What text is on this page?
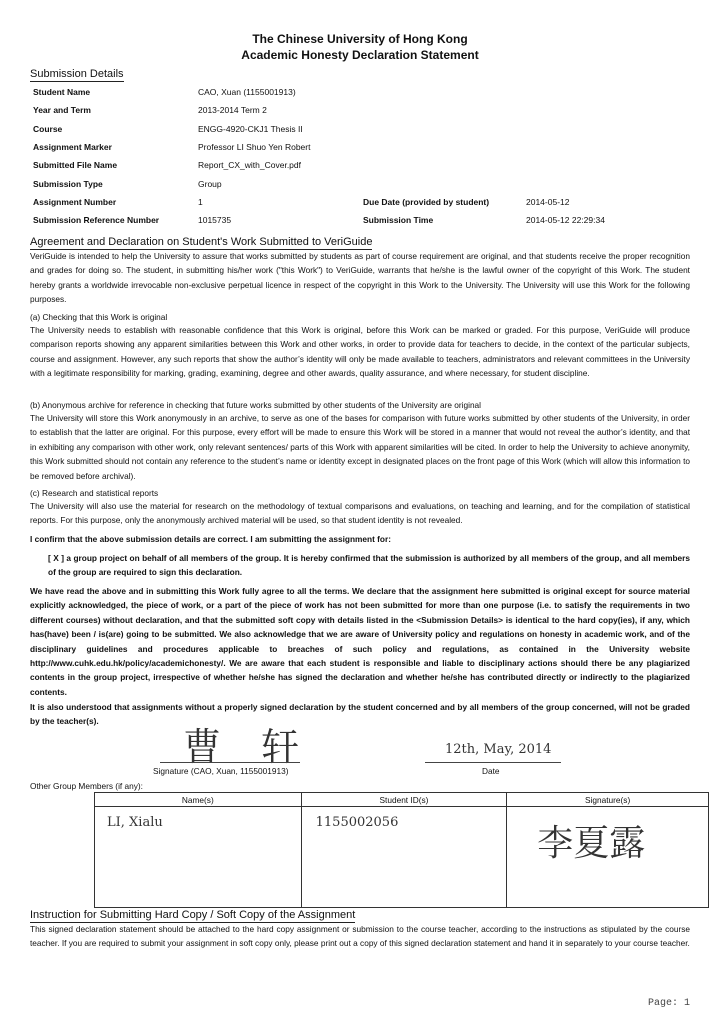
The Chinese University of Hong Kong
Academic Honesty Declaration Statement
Submission Details
Student Name	CAO, Xuan (1155001913)
Year and Term	2013-2014 Term 2
Course	ENGG-4920-CKJ1 Thesis II
Assignment Marker	Professor LI Shuo Yen Robert
Submitted File Name	Report_CX_with_Cover.pdf
Submission Type	Group
Assignment Number	1	Due Date (provided by student)	2014-05-12
Submission Reference Number	1015735	Submission Time	2014-05-12 22:29:34
Agreement and Declaration on Student's Work Submitted to VeriGuide

VeriGuide is intended to help the University to assure that works submitted by students as part of course requirement are original, and that students receive the proper recognition and grades for doing so. The student, in submitting his/her work ("this Work") to VeriGuide, warrants that he/she is the lawful owner of the copyright of this Work. The student hereby grants a worldwide irrevocable non-exclusive perpetual licence in respect of the copyright in this Work to the University. The University will use this Work for the following purposes.

(a) Checking that this Work is original

The University needs to establish with reasonable confidence that this Work is original, before this Work can be marked or graded. For this purpose, VeriGuide will produce comparison reports showing any apparent similarities between this Work and other works, in order to provide data for teachers to decide, in the context of the particular subjects, course and assignment. However, any such reports that show the author’s identity will only be made available to teachers, administrators and relevant committees in the University with a legitimate responsibility for marking, grading, examining, degree and other awards, quality assurance, and where necessary, for student discipline.

(b) Anonymous archive for reference in checking that future works submitted by other students of the University are original

The University will store this Work anonymously in an archive, to serve as one of the bases for comparison with future works submitted by other students of the University, in order to establish that the latter are original. For this purpose, every effort will be made to ensure this Work will be stored in a manner that would not reveal the author’s identity, and that in exhibiting any comparison with other work, only relevant sentences/ parts of this Work with apparent similarities will be cited. In order to help the University to achieve anonymity, this Work submitted should not contain any reference to the student’s name or identity except in designated places on the front page of this Work (which will allow this information to be removed before archival).

(c) Research and statistical reports

The University will also use the material for research on the methodology of textual comparisons and evaluations, on teaching and learning, and for the compilation of statistical reports. For this purpose, only the anonymously archived material will be used, so that student identity is not revealed.

I confirm that the above submission details are correct. I am submitting the assignment for:

[ X ] a group project on behalf of all members of the group. It is hereby confirmed that the submission is authorized by all members of the group, and all members of the group are required to sign this declaration.

We have read the above and in submitting this Work fully agree to all the terms. We declare that the assignment here submitted is original except for source material explicitly acknowledged, the piece of work, or a part of the piece of work has not been submitted for more than one purpose (i.e. to satisfy the requirements in two different courses) without declaration, and that the submitted soft copy with details listed in the <Submission Details> is identical to the hard copy(ies), if any, which has(have) been / is(are) going to be submitted. We also acknowledge that we are aware of University policy and regulations on honesty in academic work, and of the disciplinary guidelines and procedures applicable to breaches of such policy and regulations, as contained in the University website http://www.cuhk.edu.hk/policy/academichonesty/. We are aware that each student is responsible and liable to disciplinary actions should there be any plagiarized contents in the group project, irrespective of whether he/she has signed the declaration and whether he/she has contributed directly or indirectly to the plagiarized contents.

It is also understood that assignments without a properly signed declaration by the student concerned and by all members of the group concerned, will not be graded by the teacher(s).

曹 轩
Signature (CAO, Xuan, 1155001913)
12th, May, 2014
Date
Other Group Members (if any):
Name(s)	Student ID(s)	Signature(s)

LI, Xialu	1155002056	李夏露
Instruction for Submitting Hard Copy / Soft Copy of the Assignment

This signed declaration statement should be attached to the hard copy assignment or submission to the course teacher, according to the instructions as stipulated by the course teacher. If you are required to submit your assignment in soft copy only, please print out a copy of this signed declaration statement and hand it in separately to your course teacher.

Page: 1
